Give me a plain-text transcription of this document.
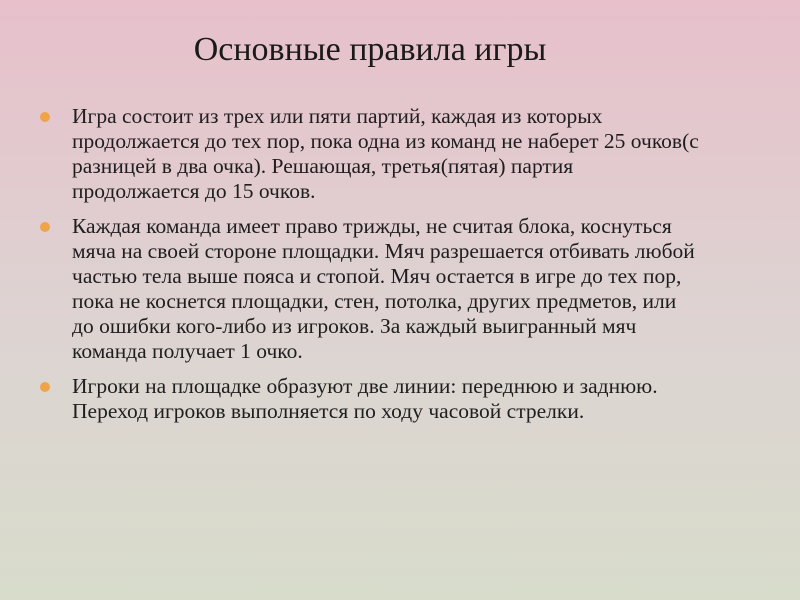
Основные правила игры
Игра состоит из трех или пяти партий, каждая из которых продолжается до тех пор, пока одна из команд не наберет 25 очков(с разницей в два очка). Решающая, третья(пятая) партия продолжается до 15 очков.
Каждая команда имеет право трижды, не считая блока, коснуться мяча на своей стороне площадки. Мяч разрешается отбивать любой частью тела выше пояса и стопой. Мяч остается в игре до тех пор, пока не коснется площадки, стен, потолка, других предметов, или до ошибки кого-либо из игроков. За каждый выигранный мяч команда получает 1 очко.
Игроки на площадке образуют две линии: переднюю и заднюю. Переход игроков выполняется по ходу часовой стрелки.
